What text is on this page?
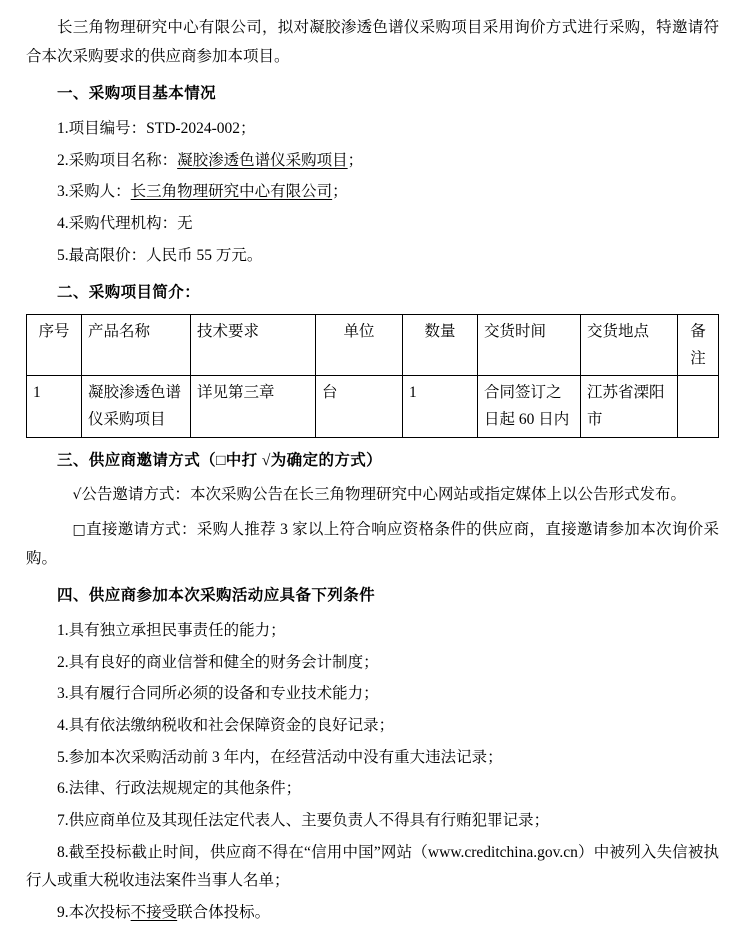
长三角物理研究中心有限公司，拟对凝胶渗透色谱仪采购项目采用询价方式进行采购，特邀请符合本次采购要求的供应商参加本项目。

一、采购项目基本情况

1.项目编号：STD-2024-002；

2.采购项目名称：凝胶渗透色谱仪采购项目；

3.采购人：长三角物理研究中心有限公司；

4.采购代理机构：无

5.最高限价：人民币 55 万元。

二、采购项目简介：

序号	产品名称	技术要求	单位	数量	交货时间	交货地点	备注
1	凝胶渗透色谱仪采购项目	详见第三章	台	1	合同签订之日起 60 日内	江苏省溧阳市	

三、供应商邀请方式（□中打 √为确定的方式）

√公告邀请方式：本次采购公告在长三角物理研究中心网站或指定媒体上以公告形式发布。

□直接邀请方式：采购人推荐 3 家以上符合响应资格条件的供应商，直接邀请参加本次询价采购。

四、供应商参加本次采购活动应具备下列条件

1.具有独立承担民事责任的能力；

2.具有良好的商业信誉和健全的财务会计制度；

3.具有履行合同所必须的设备和专业技术能力；

4.具有依法缴纳税收和社会保障资金的良好记录；

5.参加本次采购活动前 3 年内，在经营活动中没有重大违法记录；

6.法律、行政法规规定的其他条件；

7.供应商单位及其现任法定代表人、主要负责人不得具有行贿犯罪记录；

8.截至投标截止时间，供应商不得在“信用中国”网站（www.creditchina.gov.cn）中被列入失信被执行人或重大税收违法案件当事人名单；

9.本次投标不接受联合体投标。
